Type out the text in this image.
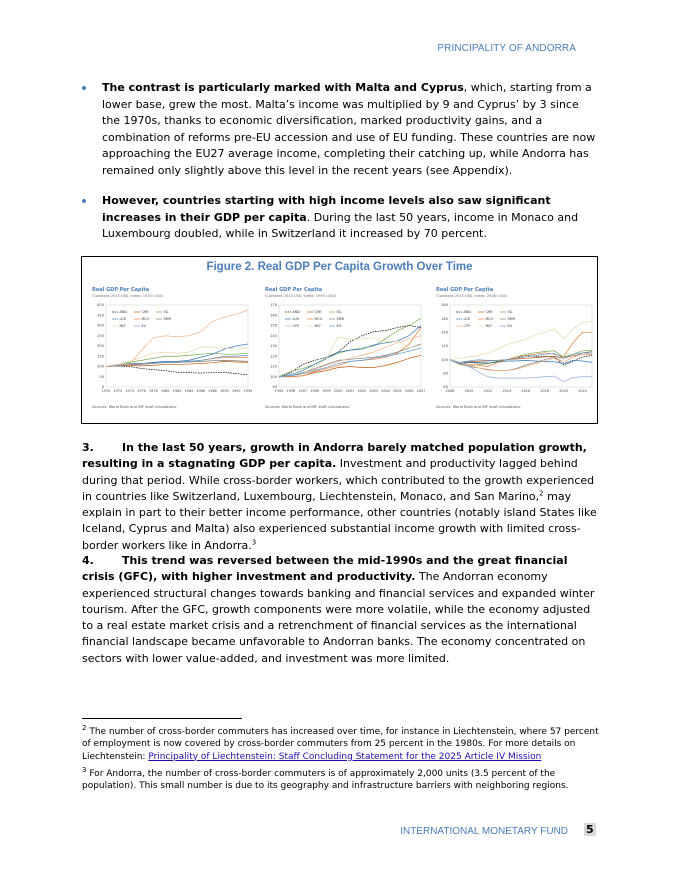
PRINCIPALITY OF ANDORRA
The contrast is particularly marked with Malta and Cyprus, which, starting from a lower base, grew the most. Malta’s income was multiplied by 9 and Cyprus’ by 3 since the 1970s, thanks to economic diversification, marked productivity gains, and a combination of reforms pre-EU accession and use of EU funding. These countries are now approaching the EU27 average income, completing their catching up, while Andorra has remained only slightly above this level in the recent years (see Appendix).
However, countries starting with high income levels also saw significant increases in their GDP per capita. During the last 50 years, income in Monaco and Luxembourg doubled, while in Switzerland it increased by 70 percent.
Figure 2. Real GDP Per Capita Growth Over Time
Real GDP Per Capita
(Constant 2015 US$, Index: 1970=100)
0
50
100
150
200
250
300
350
400
1970 1972 1974 1976 1978 1980 1982 1984 1986 1988 1990 1992 1994
AND	CHE	ISL
LUX	MCO	SMR
MLT	EU
Sources: World Bank and IMF staff calculations.
Real GDP Per Capita
(Constant 2015 US$, Index: 1995=100)
90
100
110
120
130
140
150
160
170
1995 1996 1997 1998 1999 2000 2001 2002 2003 2004 2005 2006 2007
AND	CHE	ISL
LUX	MCO	SMR
CYP	MLT	EU
Sources: World Bank and IMF staff calculations.
Real GDP Per Capita
(Constant 2015 US$, Index: 2008=100)
60
80
100
120
140
160
180
2008	2010	2012	2014	2016	2018	2020	2022
AND	CHE	ISL
LUX	MCO	SMR
CYP	MLT	EU
Sources: World Bank and IMF staff calculations.
3.	In the last 50 years, growth in Andorra barely matched population growth, resulting in a stagnating GDP per capita. Investment and productivity lagged behind during that period. While cross-border workers, which contributed to the growth experienced in countries like Switzerland, Luxembourg, Liechtenstein, Monaco, and San Marino,$^2$ may explain in part to their better income performance, other countries (notably island States like Iceland, Cyprus and Malta) also experienced substantial income growth with limited cross-border workers like in Andorra.$^3$
4.	This trend was reversed between the mid-1990s and the great financial crisis (GFC), with higher investment and productivity. The Andorran economy experienced structural changes towards banking and financial services and expanded winter tourism. After the GFC, growth components were more volatile, while the economy adjusted to a real estate market crisis and a retrenchment of financial services as the international financial landscape became unfavorable to Andorran banks. The economy concentrated on sectors with lower value-added, and investment was more limited.
$^2$ The number of cross-border commuters has increased over time, for instance in Liechtenstein, where 57 percent of employment is now covered by cross-border commuters from 25 percent in the 1980s. For more details on Liechtenstein: Principality of Liechtenstein: Staff Concluding Statement for the 2025 Article IV Mission
$^3$ For Andorra, the number of cross-border commuters is of approximately 2,000 units (3.5 percent of the population). This small number is due to its geography and infrastructure barriers with neighboring regions.
INTERNATIONAL MONETARY FUND 5
